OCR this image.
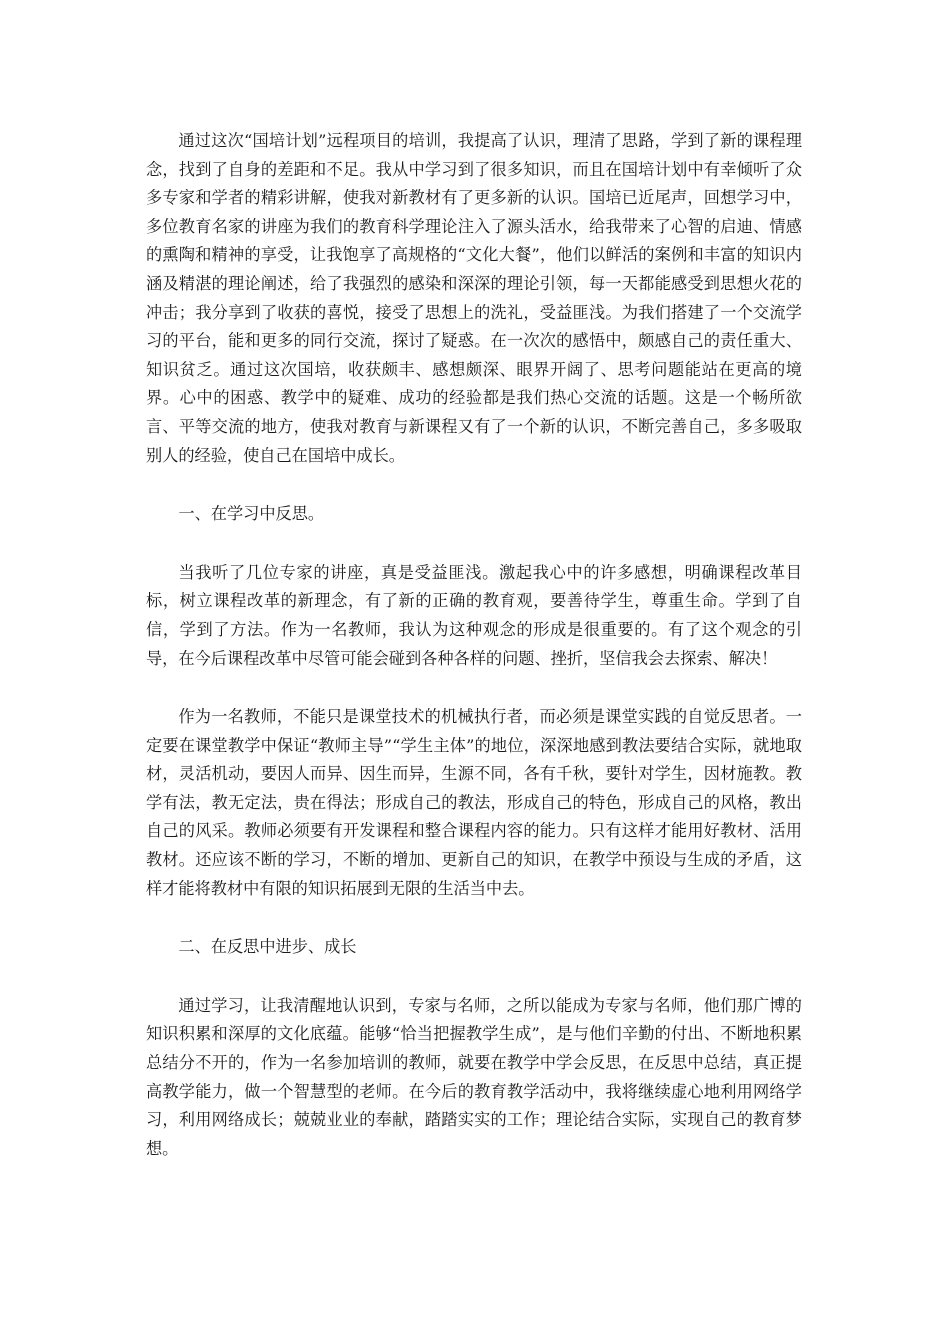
通过这次“国培计划”远程项目的培训，我提高了认识，理清了思路，学到了新的课程理念，找到了自身的差距和不足。我从中学习到了很多知识，而且在国培计划中有幸倾听了众多专家和学者的精彩讲解，使我对新教材有了更多新的认识。国培已近尾声，回想学习中，多位教育名家的讲座为我们的教育科学理论注入了源头活水，给我带来了心智的启迪、情感的熏陶和精神的享受，让我饱享了高规格的“文化大餐”，他们以鲜活的案例和丰富的知识内涵及精湛的理论阐述，给了我强烈的感染和深深的理论引领，每一天都能感受到思想火花的冲击；我分享到了收获的喜悦，接受了思想上的洗礼，受益匪浅。为我们搭建了一个交流学习的平台，能和更多的同行交流，探讨了疑惑。在一次次的感悟中，颇感自己的责任重大、知识贫乏。通过这次国培，收获颇丰、感想颇深、眼界开阔了、思考问题能站在更高的境界。心中的困惑、教学中的疑难、成功的经验都是我们热心交流的话题。这是一个畅所欲言、平等交流的地方，使我对教育与新课程又有了一个新的认识，不断完善自己，多多吸取别人的经验，使自己在国培中成长。

一、在学习中反思。

当我听了几位专家的讲座，真是受益匪浅。激起我心中的许多感想，明确课程改革目标，树立课程改革的新理念，有了新的正确的教育观，要善待学生，尊重生命。学到了自信，学到了方法。作为一名教师，我认为这种观念的形成是很重要的。有了这个观念的引导，在今后课程改革中尽管可能会碰到各种各样的问题、挫折，坚信我会去探索、解决！

作为一名教师，不能只是课堂技术的机械执行者，而必须是课堂实践的自觉反思者。一定要在课堂教学中保证“教师主导”“学生主体”的地位，深深地感到教法要结合实际，就地取材，灵活机动，要因人而异、因生而异，生源不同，各有千秋，要针对学生，因材施教。教学有法，教无定法，贵在得法；形成自己的教法，形成自己的特色，形成自己的风格，教出自己的风采。教师必须要有开发课程和整合课程内容的能力。只有这样才能用好教材、活用教材。还应该不断的学习，不断的增加、更新自己的知识，在教学中预设与生成的矛盾，这样才能将教材中有限的知识拓展到无限的生活当中去。

二、在反思中进步、成长

通过学习，让我清醒地认识到，专家与名师，之所以能成为专家与名师，他们那广博的知识积累和深厚的文化底蕴。能够“恰当把握教学生成”，是与他们辛勤的付出、不断地积累总结分不开的，作为一名参加培训的教师，就要在教学中学会反思，在反思中总结，真正提高教学能力，做一个智慧型的老师。在今后的教育教学活动中，我将继续虚心地利用网络学习，利用网络成长；兢兢业业的奉献，踏踏实实的工作；理论结合实际，实现自己的教育梦想。
